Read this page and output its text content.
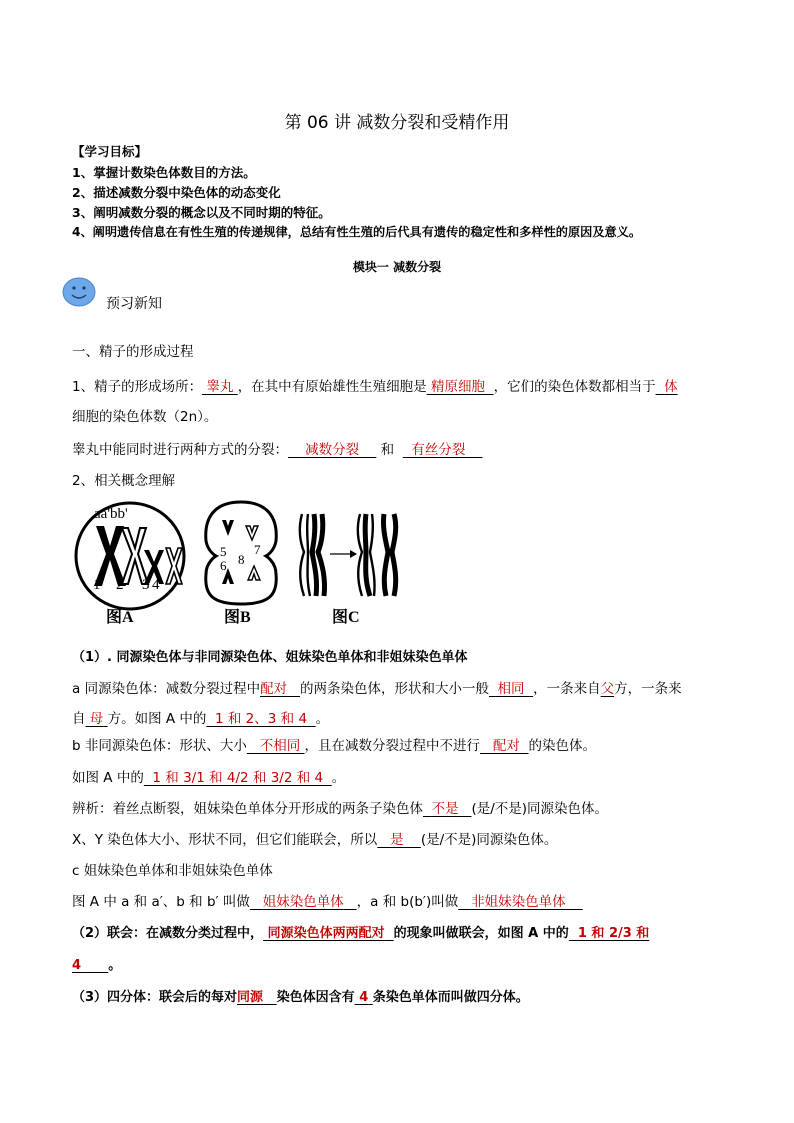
第 06 讲 减数分裂和受精作用
【学习目标】
1、掌握计数染色体数目的方法。
2、描述减数分裂中染色体的动态变化
3、阐明减数分裂的概念以及不同时期的特征。
4、阐明遗传信息在有性生殖的传递规律，总结有性生殖的后代具有遗传的稳定性和多样性的原因及意义。
模块一 减数分裂
预习新知
一、精子的形成过程
1、精子的形成场所： 睾丸 ，在其中有原始雄性生殖细胞是 精原细胞 ，它们的染色体数都相当于 体
细胞的染色体数（2n）。
睾丸中能同时进行两种方式的分裂： 减数分裂 和 有丝分裂
2、相关概念理解
aa'bb'
1 2 3 4
图A
5
6 8
7
图B	图C
（1）. 同源染色体与非同源染色体、姐妹染色单体和非姐妹染色单体
a 同源染色体：减数分裂过程中配对 的两条染色体，形状和大小一般 相同 ，一条来自父方，一条来
自 母 方。如图 A 中的 1 和 2、3 和 4 。
b 非同源染色体：形状、大小 不相同 ，且在减数分裂过程中不进行 配对 的染色体。
如图 A 中的 1 和 3/1 和 4/2 和 3/2 和 4 。
辨析：着丝点断裂，姐妹染色单体分开形成的两条子染色体 不是 (是/不是)同源染色体。
X、Y 染色体大小、形状不同，但它们能联会，所以 是 (是/不是)同源染色体。
c 姐妹染色单体和非姐妹染色单体
图 A 中 a 和 a′、b 和 b′ 叫做 姐妹染色单体 ，a 和 b(b′)叫做 非姐妹染色单体
（2）联会：在减数分类过程中， 同源染色体两两配对 的现象叫做联会，如图 A 中的 1 和 2/3 和
4 。
（3）四分体：联会后的每对同源 染色体因含有 4 条染色单体而叫做四分体。
